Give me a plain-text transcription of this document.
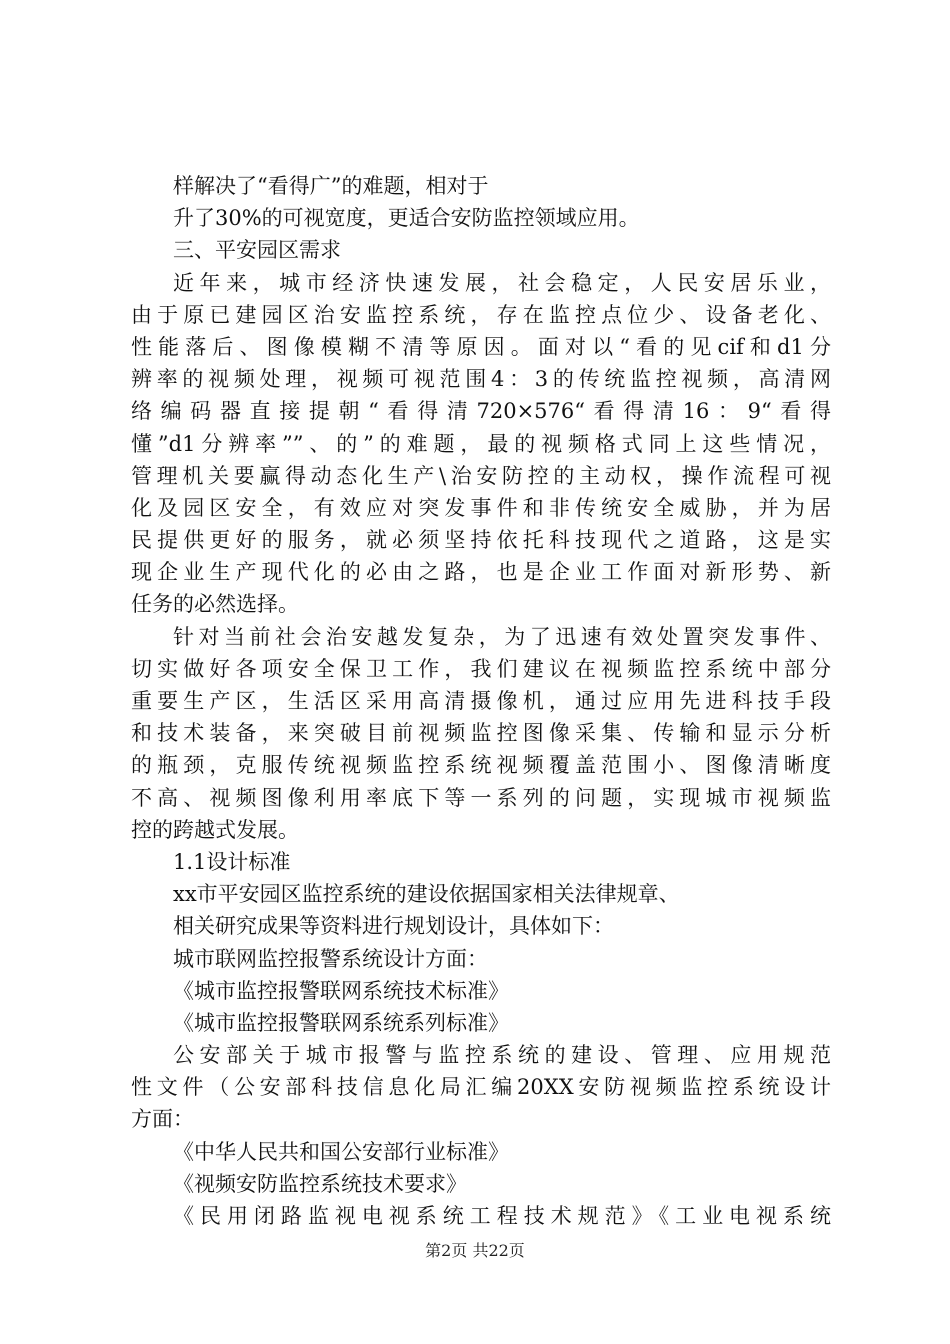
样解决了“看得广”的难题，相对于
升了30%的可视宽度，更适合安防监控领域应用。
三、平安园区需求
近年来，城市经济快速发展，社会稳定，人民安居乐业，
由于原已建园区治安监控系统，存在监控点位少、设备老化、
性能落后、图像模糊不清等原因。面对以“看的见cif和d1分
辨率的视频处理，视频可视范围4：3的传统监控视频，高清网
络编码器直接提朝“看得清720×576“看得清16：9“看得
懂”d1分辨率””、的”的难题，最的视频格式同上这些情况，
管理机关要赢得动态化生产\治安防控的主动权，操作流程可视
化及园区安全，有效应对突发事件和非传统安全威胁，并为居
民提供更好的服务，就必须坚持依托科技现代之道路，这是实
现企业生产现代化的必由之路，也是企业工作面对新形势、新
任务的必然选择。
针对当前社会治安越发复杂，为了迅速有效处置突发事件、
切实做好各项安全保卫工作，我们建议在视频监控系统中部分
重要生产区，生活区采用高清摄像机，通过应用先进科技手段
和技术装备，来突破目前视频监控图像采集、传输和显示分析
的瓶颈，克服传统视频监控系统视频覆盖范围小、图像清晰度
不高、视频图像利用率底下等一系列的问题，实现城市视频监
控的跨越式发展。
1.1设计标准
xx市平安园区监控系统的建设依据国家相关法律规章、
相关研究成果等资料进行规划设计，具体如下：
城市联网监控报警系统设计方面：
《城市监控报警联网系统技术标准》
《城市监控报警联网系统系列标准》
公安部关于城市报警与监控系统的建设、管理、应用规范
性文件（公安部科技信息化局汇编20XX安防视频监控系统设计
方面：
《中华人民共和国公安部行业标准》
《视频安防监控系统技术要求》
《民用闭路监视电视系统工程技术规范》《工业电视系统
第2页 共22页
